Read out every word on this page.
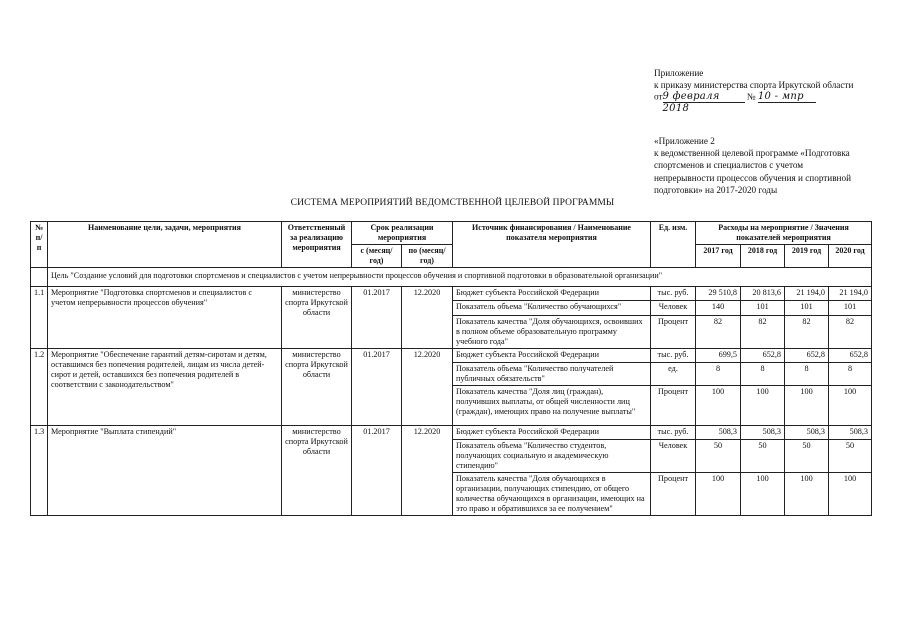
Приложение
к приказу министерства спорта Иркутской области
от9 февраля 2018 № 10 - мпр
«Приложение 2
к ведомственной целевой программе «Подготовка
спортсменов и специалистов с учетом
непрерывности процессов обучения и спортивной
подготовки» на 2017-2020 годы
СИСТЕМА МЕРОПРИЯТИЙ ВЕДОМСТВЕННОЙ ЦЕЛЕВОЙ ПРОГРАММЫ
№ п/п	Наименование цели, задачи, мероприятия	Ответственный за реализацию мероприятия	Срок реализации мероприятия		Источник финансирования / Наименование показателя мероприятия	Ед. изм.	Расходы на мероприятие / Значения показателей мероприятия			
			с (месяц/год)	по (месяц/год)			2017 год	2018 год	2019 год	2020 год
	Цель "Создание условий для подготовки спортсменов и специалистов с учетом непрерывности процессов обучения и спортивной подготовки в образовательной организации"									
1.1	Мероприятие "Подготовка спортсменов и специалистов с учетом непрерывности процессов обучения"	министерство спорта Иркутской области	01.2017	12.2020	Бюджет субъекта Российской Федерации	тыс. руб.	29 510,8	20 813,6	21 194,0	21 194,0
					Показатель объема "Количество обучающихся"	Человек	140	101	101	101
					Показатель качества "Доля обучающихся, освоивших в полном объеме образовательную программу учебного года"	Процент	82	82	82	82
1.2	Мероприятие "Обеспечение гарантий детям-сиротам и детям, оставшимся без попечения родителей, лицам из числа детей-сирот и детей, оставшихся без попечения родителей в соответствии с законодательством"	министерство спорта Иркутской области	01.2017	12.2020	Бюджет субъекта Российской Федерации	тыс. руб.	699,5	652,8	652,8	652,8
					Показатель объема "Количество получателей публичных обязательств"	ед.	8	8	8	8
					Показатель качества "Доля лиц (граждан), получивших выплаты, от общей численности лиц (граждан), имеющих право на получение выплаты"	Процент	100	100	100	100
1.3	Мероприятие "Выплата стипендий"	министерство спорта Иркутской области	01.2017	12.2020	Бюджет субъекта Российской Федерации	тыс. руб.	508,3	508,3	508,3	508,3
					Показатель объема "Количество студентов, получающих социальную и академическую стипендию"	Человек	50	50	50	50
					Показатель качества "Доля обучающихся в организации, получающих стипендию, от общего количества обучающихся в организации, имеющих на это право и обратившихся за ее получением"	Процент	100	100	100	100
